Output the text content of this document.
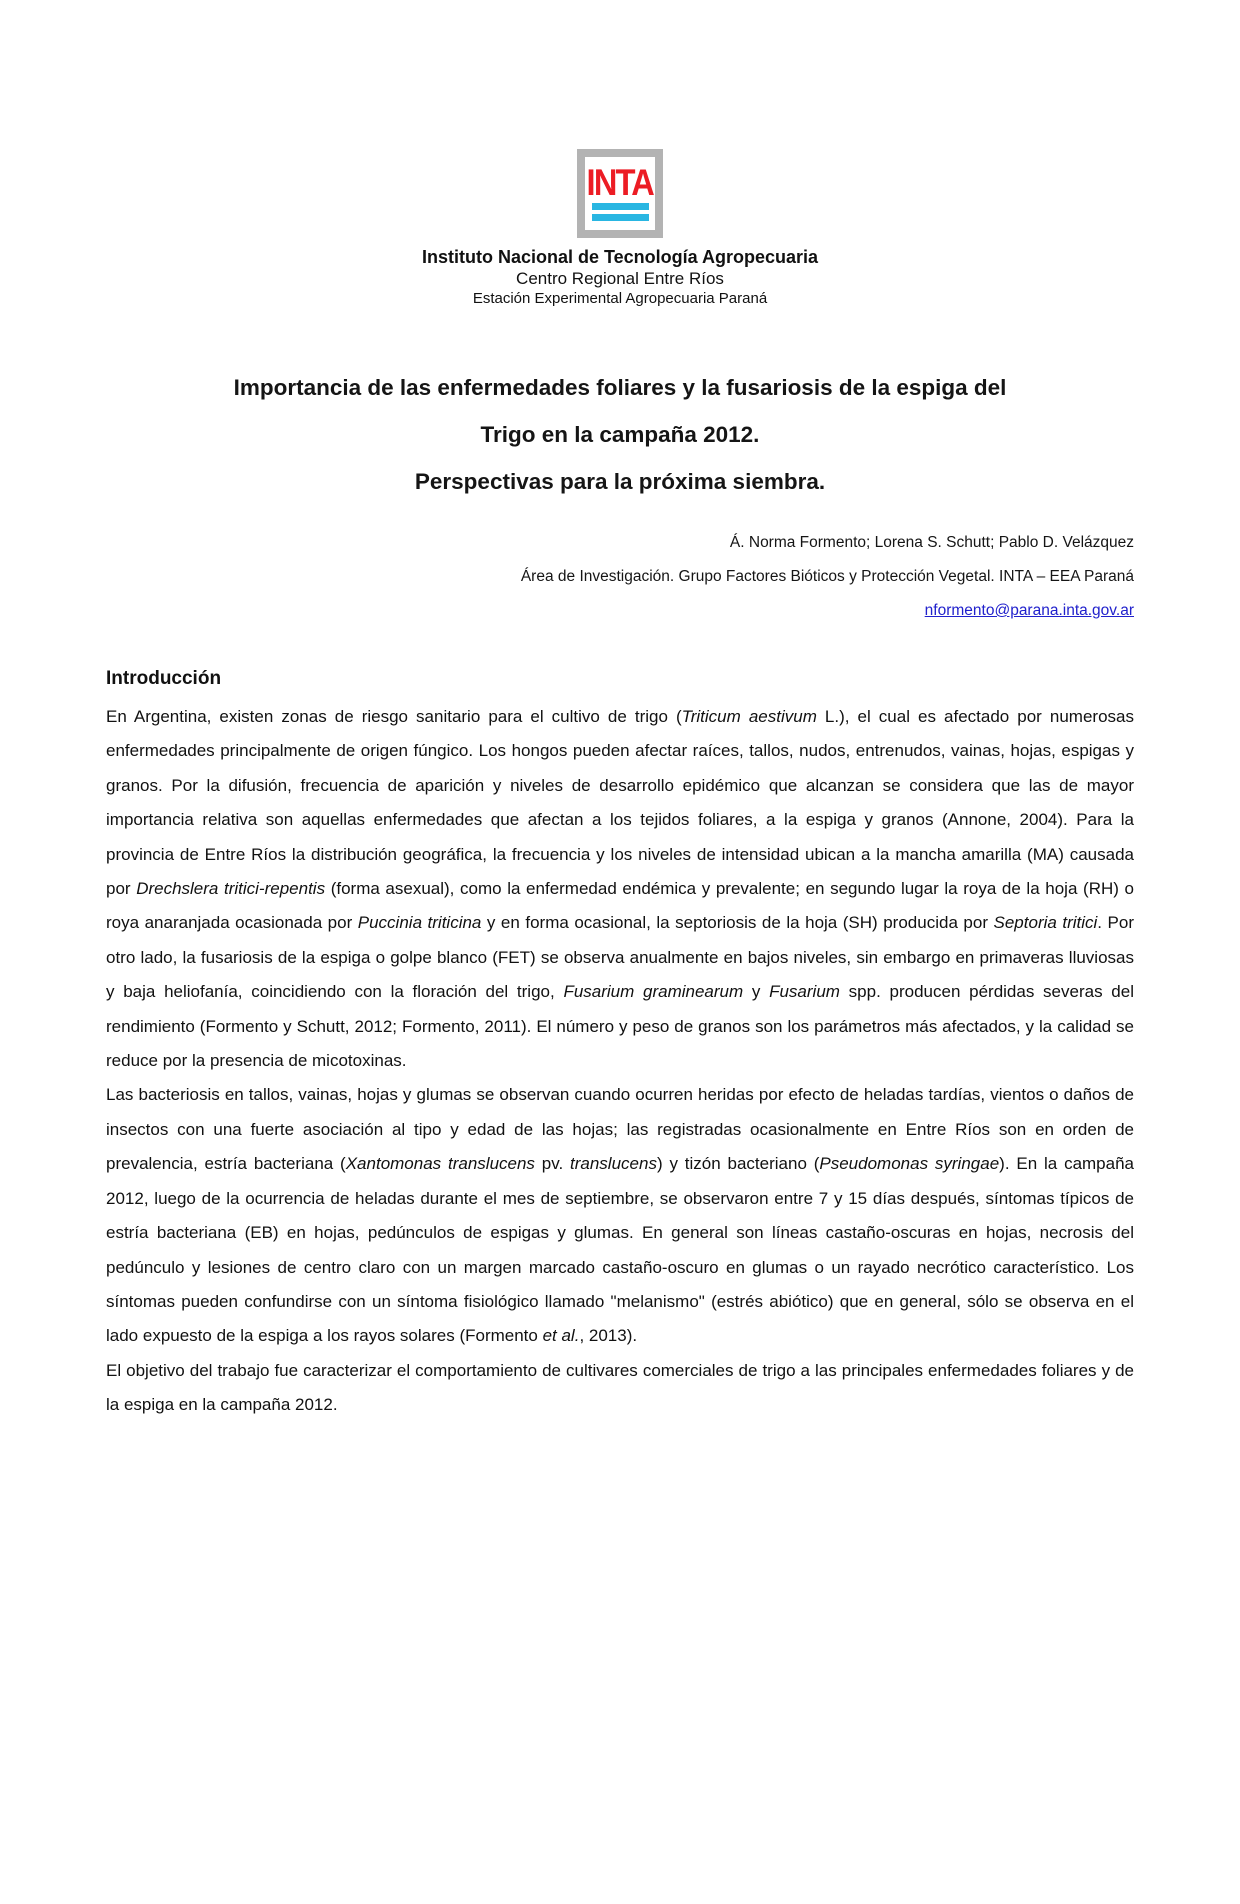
INTA
Instituto Nacional de Tecnología Agropecuaria
Centro Regional Entre Ríos
Estación Experimental Agropecuaria Paraná
Importancia de las enfermedades foliares y la fusariosis de la espiga del
Trigo en la campaña 2012.
Perspectivas para la próxima siembra.
Á. Norma Formento; Lorena S. Schutt; Pablo D. Velázquez
Área de Investigación. Grupo Factores Bióticos y Protección Vegetal. INTA – EEA Paraná
nformento@parana.inta.gov.ar
Introducción

En Argentina, existen zonas de riesgo sanitario para el cultivo de trigo (Triticum aestivum L.), el cual es afectado por numerosas enfermedades principalmente de origen fúngico. Los hongos pueden afectar raíces, tallos, nudos, entrenudos, vainas, hojas, espigas y granos. Por la difusión, frecuencia de aparición y niveles de desarrollo epidémico que alcanzan se considera que las de mayor importancia relativa son aquellas enfermedades que afectan a los tejidos foliares, a la espiga y granos (Annone, 2004). Para la provincia de Entre Ríos la distribución geográfica, la frecuencia y los niveles de intensidad ubican a la mancha amarilla (MA) causada por Drechslera tritici-repentis (forma asexual), como la enfermedad endémica y prevalente; en segundo lugar la roya de la hoja (RH) o roya anaranjada ocasionada por Puccinia triticina y en forma ocasional, la septoriosis de la hoja (SH) producida por Septoria tritici. Por otro lado, la fusariosis de la espiga o golpe blanco (FET) se observa anualmente en bajos niveles, sin embargo en primaveras lluviosas y baja heliofanía, coincidiendo con la floración del trigo, Fusarium graminearum y Fusarium spp. producen pérdidas severas del rendimiento (Formento y Schutt, 2012; Formento, 2011). El número y peso de granos son los parámetros más afectados, y la calidad se reduce por la presencia de micotoxinas.

Las bacteriosis en tallos, vainas, hojas y glumas se observan cuando ocurren heridas por efecto de heladas tardías, vientos o daños de insectos con una fuerte asociación al tipo y edad de las hojas; las registradas ocasionalmente en Entre Ríos son en orden de prevalencia, estría bacteriana (Xantomonas translucens pv. translucens) y tizón bacteriano (Pseudomonas syringae). En la campaña 2012, luego de la ocurrencia de heladas durante el mes de septiembre, se observaron entre 7 y 15 días después, síntomas típicos de estría bacteriana (EB) en hojas, pedúnculos de espigas y glumas. En general son líneas castaño-oscuras en hojas, necrosis del pedúnculo y lesiones de centro claro con un margen marcado castaño-oscuro en glumas o un rayado necrótico característico. Los síntomas pueden confundirse con un síntoma fisiológico llamado "melanismo" (estrés abiótico) que en general, sólo se observa en el lado expuesto de la espiga a los rayos solares (Formento et al., 2013).

El objetivo del trabajo fue caracterizar el comportamiento de cultivares comerciales de trigo a las principales enfermedades foliares y de la espiga en la campaña 2012.
